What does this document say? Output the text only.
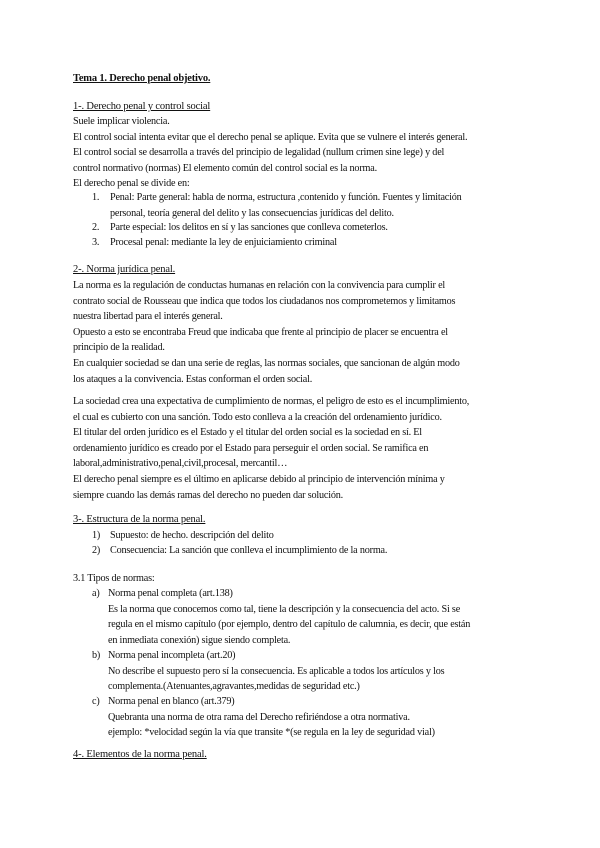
Tema 1. Derecho penal objetivo.
1-. Derecho penal y control social
Suele implicar violencia.
El control social intenta evitar que el derecho penal se aplique. Evita que se vulnere el interés general.
El control social se desarrolla a través del principio de legalidad (nullum crimen sine lege) y del
control normativo (normas) El elemento común del control social es la norma.
El derecho penal se divide en:
1. Penal: Parte general: habla de norma, estructura ,contenido y función. Fuentes y limitación
personal, teoría general del delito y las consecuencias jurídicas del delito.
2. Parte especial: los delitos en sí y las sanciones que conlleva cometerlos.
3. Procesal penal: mediante la ley de enjuiciamiento criminal
2-. Norma jurídica penal.
La norma es la regulación de conductas humanas en relación con la convivencia para cumplir el
contrato social de Rousseau que indica que todos los ciudadanos nos comprometemos y limitamos
nuestra libertad para el interés general.
Opuesto a esto se encontraba Freud que indicaba que frente al principio de placer se encuentra el
principio de la realidad.
En cualquier sociedad se dan una serie de reglas, las normas sociales, que sancionan de algún modo
los ataques a la convivencia. Estas conforman el orden social.
La sociedad crea una expectativa de cumplimiento de normas, el peligro de esto es el incumplimiento,
el cual es cubierto con una sanción. Todo esto conlleva a la creación del ordenamiento jurídico.
El titular del orden jurídico es el Estado y el titular del orden social es la sociedad en sí. El
ordenamiento jurídico es creado por el Estado para perseguir el orden social. Se ramifica en
laboral,administrativo,penal,civil,procesal, mercantil…
El derecho penal siempre es el último en aplicarse debido al principio de intervención mínima y
siempre cuando las demás ramas del derecho no pueden dar solución.
3-. Estructura de la norma penal.
1) Supuesto: de hecho. descripción del delito
2) Consecuencia: La sanción que conlleva el incumplimiento de la norma.
3.1 Tipos de normas:
a) Norma penal completa (art.138)
Es la norma que conocemos como tal, tiene la descripción y la consecuencia del acto. Si se
regula en el mismo capítulo (por ejemplo, dentro del capítulo de calumnia, es decir, que están
en inmediata conexión) sigue siendo completa.
b) Norma penal incompleta (art.20)
No describe el supuesto pero sí la consecuencia. Es aplicable a todos los artículos y los
complementa.(Atenuantes,agravantes,medidas de seguridad etc.)
c) Norma penal en blanco (art.379)
Quebranta una norma de otra rama del Derecho refiriéndose a otra normativa.
ejemplo: *velocidad según la vía que transite *(se regula en la ley de seguridad vial)
4-. Elementos de la norma penal.
